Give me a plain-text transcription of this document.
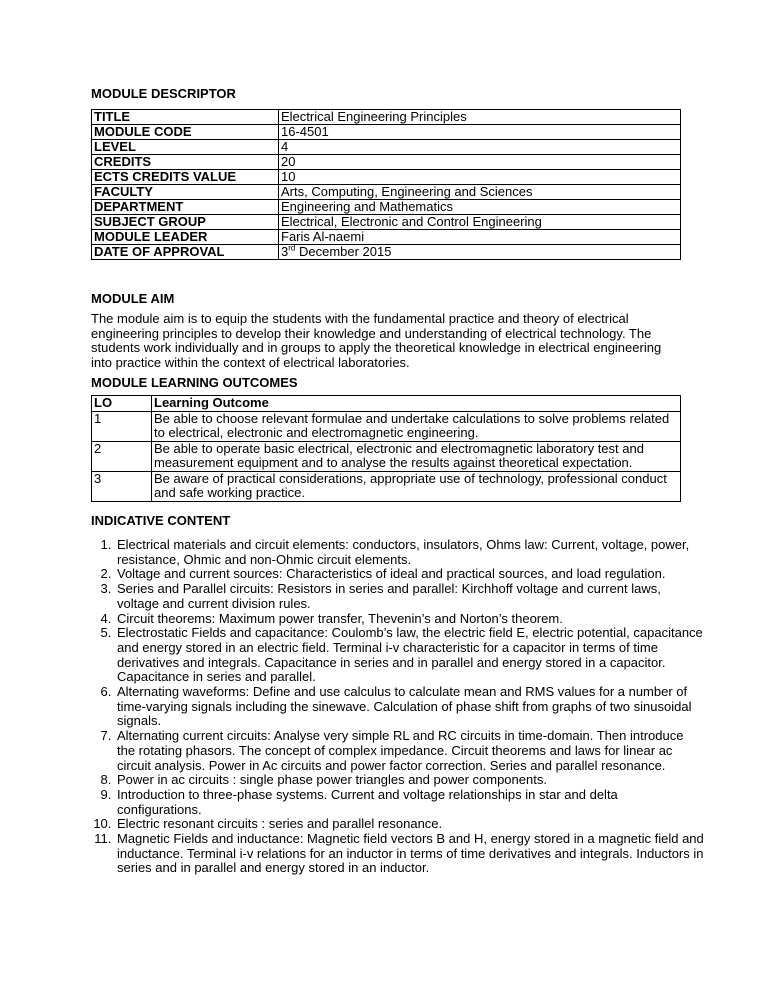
MODULE DESCRIPTOR
TITLE	Electrical Engineering Principles
MODULE CODE	16-4501
LEVEL	4
CREDITS	20
ECTS CREDITS VALUE	10
FACULTY	Arts, Computing, Engineering and Sciences
DEPARTMENT	Engineering and Mathematics
SUBJECT GROUP	Electrical, Electronic and Control Engineering
MODULE LEADER	Faris Al-naemi
DATE OF APPROVAL	3rd December 2015
MODULE AIM
The module aim is to equip the students with the fundamental practice and theory of electrical engineering principles to develop their knowledge and understanding of electrical technology. The students work individually and in groups to apply the theoretical knowledge in electrical engineering into practice within the context of electrical laboratories.
MODULE LEARNING OUTCOMES
LO	Learning Outcome
1	Be able to choose relevant formulae and undertake calculations to solve problems related to electrical, electronic and electromagnetic engineering.
2	Be able to operate basic electrical, electronic and electromagnetic laboratory test and measurement equipment and to analyse the results against theoretical expectation.
3	Be aware of practical considerations, appropriate use of technology, professional conduct and safe working practice.
INDICATIVE CONTENT
1. Electrical materials and circuit elements: conductors, insulators, Ohms law: Current, voltage, power, resistance, Ohmic and non-Ohmic circuit elements.
2. Voltage and current sources: Characteristics of ideal and practical sources, and load regulation.
3. Series and Parallel circuits: Resistors in series and parallel: Kirchhoff voltage and current laws, voltage and current division rules.
4. Circuit theorems: Maximum power transfer, Thevenin’s and Norton’s theorem.
5. Electrostatic Fields and capacitance: Coulomb’s law, the electric field E, electric potential, capacitance and energy stored in an electric field. Terminal i-v characteristic for a capacitor in terms of time derivatives and integrals. Capacitance in series and in parallel and energy stored in a capacitor. Capacitance in series and parallel.
6. Alternating waveforms: Define and use calculus to calculate mean and RMS values for a number of time-varying signals including the sinewave. Calculation of phase shift from graphs of two sinusoidal signals.
7. Alternating current circuits: Analyse very simple RL and RC circuits in time-domain. Then introduce the rotating phasors. The concept of complex impedance. Circuit theorems and laws for linear ac circuit analysis. Power in Ac circuits and power factor correction. Series and parallel resonance.
8. Power in ac circuits : single phase power triangles and power components.
9. Introduction to three-phase systems. Current and voltage relationships in star and delta configurations.
10. Electric resonant circuits : series and parallel resonance.
11. Magnetic Fields and inductance: Magnetic field vectors B and H, energy stored in a magnetic field and inductance. Terminal i-v relations for an inductor in terms of time derivatives and integrals. Inductors in series and in parallel and energy stored in an inductor.
